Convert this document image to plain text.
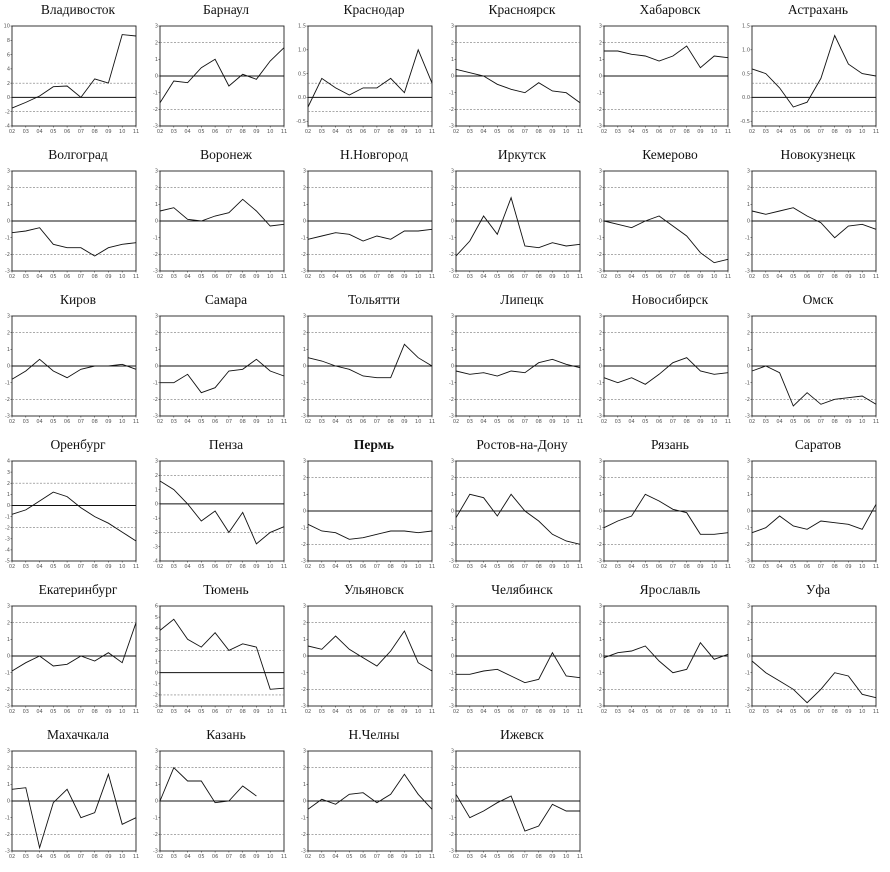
Владивосток
10
8
6
4
2
0
-2
-4
02 03 04 05 06 07 08 09 10 11
Барнаул
3
2
1
0
-1
-2
-3
02 03 04 05 06 07 08 09 10 11
Краснодар
1.5
1.0
0.5
0.0
-0.5
02 03 04 05 06 07 08 09 10 11
Красноярск
3
2
1
0
-1
-2
-3
02 03 04 05 06 07 08 09 10 11
Хабаровск
3
2
1
0
-1
-2
-3
02 03 04 05 06 07 08 09 10 11
Астрахань
1.5
1.0
0.5
0.0
-0.5
02 03 04 05 06 07 08 09 10 11
Волгоград
3
2
1
0
-1
-2
-3
02 03 04 05 06 07 08 09 10 11
Воронеж
3
2
1
0
-1
-2
-3
02 03 04 05 06 07 08 09 10 11
Н.Новгород
3
2
1
0
-1
-2
-3
02 03 04 05 06 07 08 09 10 11
Иркутск
3
2
1
0
-1
-2
-3
02 03 04 05 06 07 08 09 10 11
Кемерово
3
2
1
0
-1
-2
-3
02 03 04 05 06 07 08 09 10 11
Новокузнецк
3
2
1
0
-1
-2
-3
02 03 04 05 06 07 08 09 10 11
Киров
3
2
1
0
-1
-2
-3
02 03 04 05 06 07 08 09 10 11
Самара
3
2
1
0
-1
-2
-3
02 03 04 05 06 07 08 09 10 11
Тольятти
3
2
1
0
-1
-2
-3
02 03 04 05 06 07 08 09 10 11
Липецк
3
2
1
0
-1
-2
-3
02 03 04 05 06 07 08 09 10 11
Новосибирск
3
2
1
0
-1
-2
-3
02 03 04 05 06 07 08 09 10 11
Омск
3
2
1
0
-1
-2
-3
02 03 04 05 06 07 08 09 10 11
Оренбург
4
3
2
1
0
-1
-2
-3
-4
-5
02 03 04 05 06 07 08 09 10 11
Пенза
3
2
1
0
-1
-2
-3
-4
02 03 04 05 06 07 08 09 10 11
Пермь
3
2
1
0
-1
-2
-3
02 03 04 05 06 07 08 09 10 11
Ростов-на-Дону
3
2
1
0
-1
-2
-3
02 03 04 05 06 07 08 09 10 11
Рязань
3
2
1
0
-1
-2
-3
02 03 04 05 06 07 08 09 10 11
Саратов
3
2
1
0
-1
-2
-3
02 03 04 05 06 07 08 09 10 11
Екатеринбург
3
2
1
0
-1
-2
-3
02 03 04 05 06 07 08 09 10 11
Тюмень
6
5
4
3
2
1
0
-1
-2
-3
02 03 04 05 06 07 08 09 10 11
Ульяновск
3
2
1
0
-1
-2
-3
02 03 04 05 06 07 08 09 10 11
Челябинск
3
2
1
0
-1
-2
-3
02 03 04 05 06 07 08 09 10 11
Ярославль
3
2
1
0
-1
-2
-3
02 03 04 05 06 07 08 09 10 11
Уфа
3
2
1
0
-1
-2
-3
02 03 04 05 06 07 08 09 10 11
Махачкала
3
2
1
0
-1
-2
-3
02 03 04 05 06 07 08 09 10 11
Казань
3
2
1
0
-1
-2
-3
02 03 04 05 06 07 08 09 10 11
Н.Челны
3
2
1
0
-1
-2
-3
02 03 04 05 06 07 08 09 10 11
Ижевск
3
2
1
0
-1
-2
-3
02 03 04 05 06 07 08 09 10 11
